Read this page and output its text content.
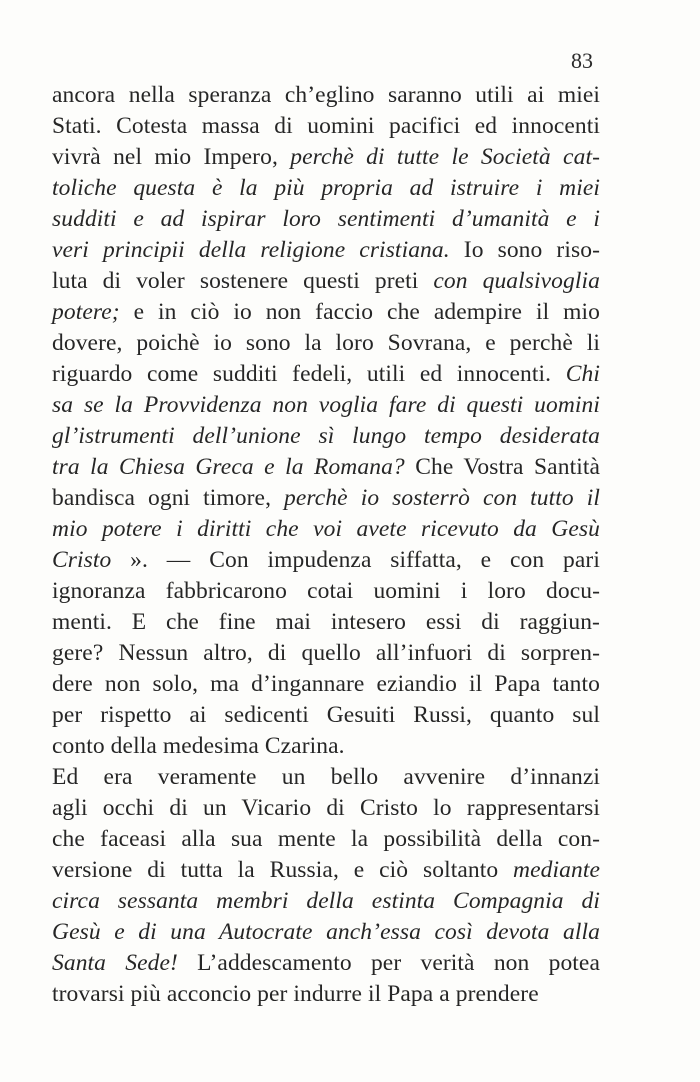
83
ancora nella speranza ch’eglino saranno utili ai miei
Stati. Cotesta massa di uomini pacifici ed innocenti
vivrà nel mio Impero, perchè di tutte le Società cat-
toliche questa è la più propria ad istruire i miei
sudditi e ad ispirar loro sentimenti d’umanità e i
veri principii della religione cristiana. Io sono riso-
luta di voler sostenere questi preti con qualsivoglia
potere; e in ciò io non faccio che adempire il mio
dovere, poichè io sono la loro Sovrana, e perchè li
riguardo come sudditi fedeli, utili ed innocenti. Chi
sa se la Provvidenza non voglia fare di questi uomini
gl’istrumenti dell’unione sì lungo tempo desiderata
tra la Chiesa Greca e la Romana? Che Vostra Santità
bandisca ogni timore, perchè io sosterrò con tutto il
mio potere i diritti che voi avete ricevuto da Gesù
Cristo ». — Con impudenza siffatta, e con pari
ignoranza fabbricarono cotai uomini i loro docu-
menti. E che fine mai intesero essi di raggiun-
gere? Nessun altro, di quello all’infuori di sorpren-
dere non solo, ma d’ingannare eziandio il Papa tanto
per rispetto ai sedicenti Gesuiti Russi, quanto sul
conto della medesima Czarina.
Ed era veramente un bello avvenire d’innanzi
agli occhi di un Vicario di Cristo lo rappresentarsi
che faceasi alla sua mente la possibilità della con-
versione di tutta la Russia, e ciò soltanto mediante
circa sessanta membri della estinta Compagnia di
Gesù e di una Autocrate anch’essa così devota alla
Santa Sede! L’addescamento per verità non potea
trovarsi più acconcio per indurre il Papa a prendere
